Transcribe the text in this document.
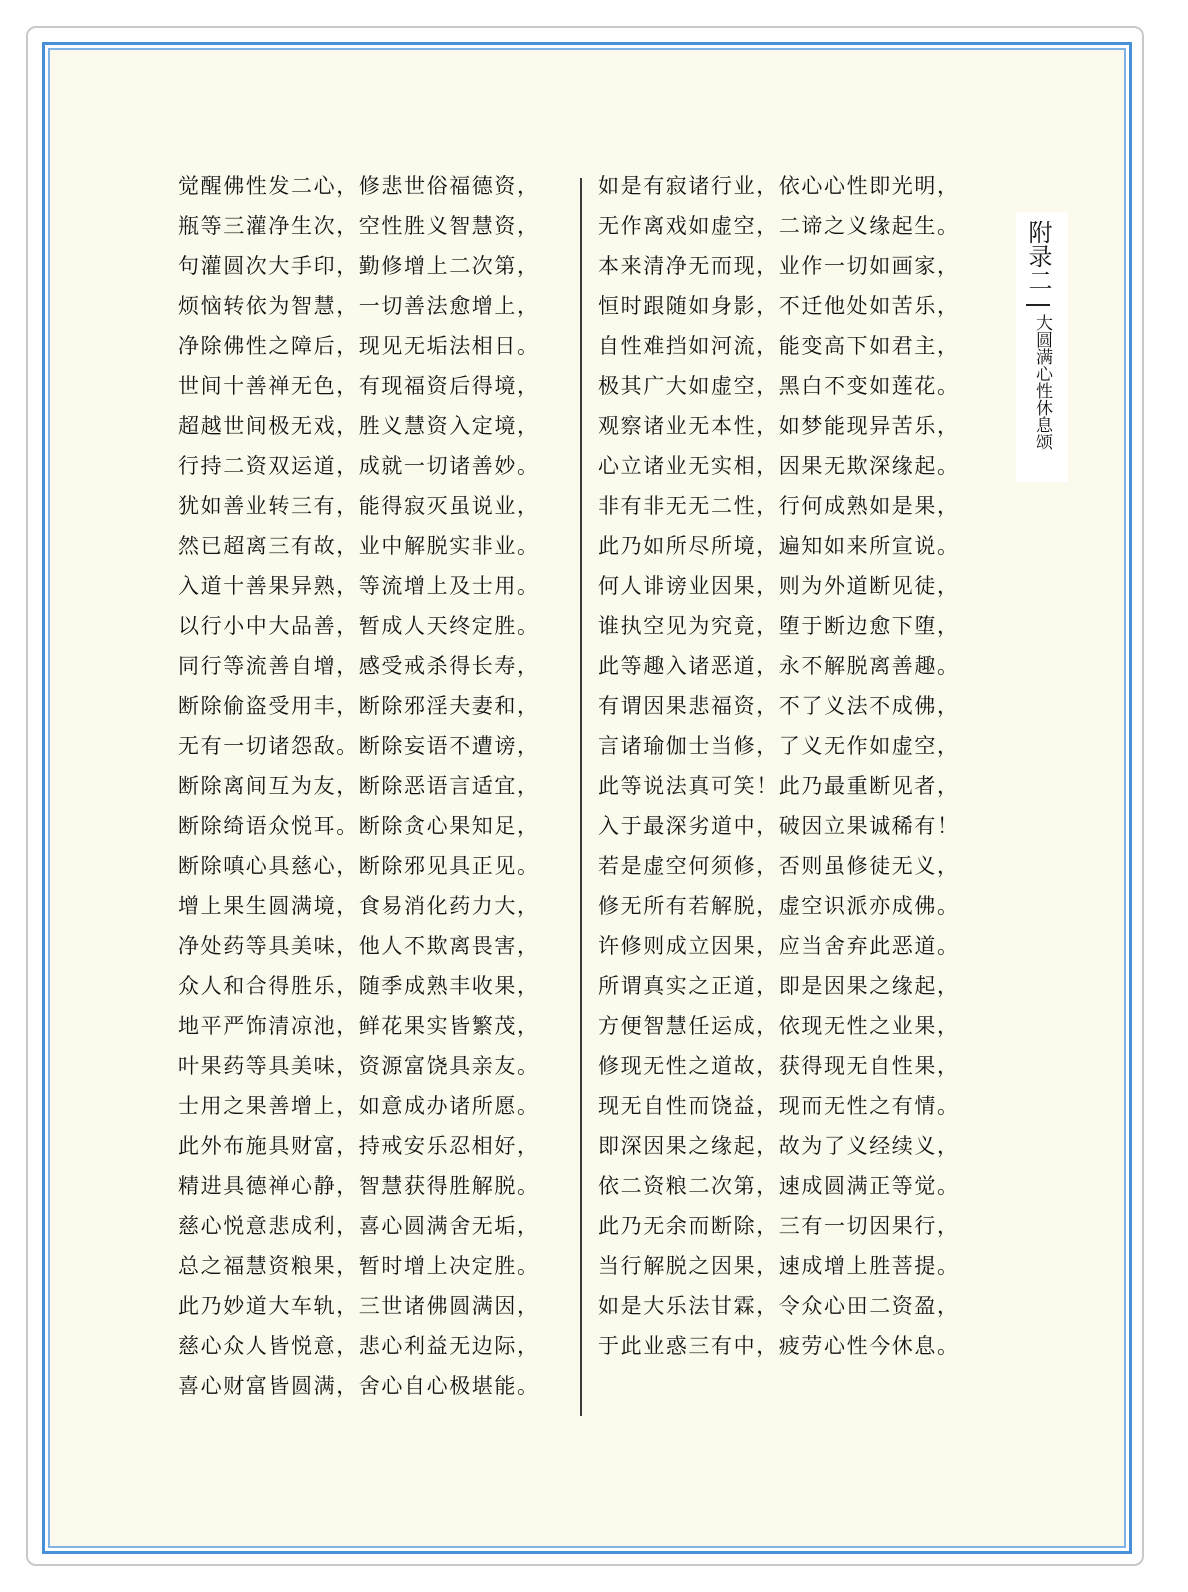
觉醒佛性发二心，修悲世俗福德资，
瓶等三灌净生次，空性胜义智慧资，
句灌圆次大手印，勤修增上二次第，
烦恼转依为智慧，一切善法愈增上，
净除佛性之障后，现见无垢法相日。
世间十善禅无色，有现福资后得境，
超越世间极无戏，胜义慧资入定境，
行持二资双运道，成就一切诸善妙。
犹如善业转三有，能得寂灭虽说业，
然已超离三有故，业中解脱实非业。
入道十善果异熟，等流增上及士用。
以行小中大品善，暂成人天终定胜。
同行等流善自增，感受戒杀得长寿，
断除偷盗受用丰，断除邪淫夫妻和，
无有一切诸怨敌。断除妄语不遭谤，
断除离间互为友，断除恶语言适宜，
断除绮语众悦耳。断除贪心果知足，
断除嗔心具慈心，断除邪见具正见。
增上果生圆满境，食易消化药力大，
净处药等具美味，他人不欺离畏害，
众人和合得胜乐，随季成熟丰收果，
地平严饰清凉池，鲜花果实皆繁茂，
叶果药等具美味，资源富饶具亲友。
士用之果善增上，如意成办诸所愿。
此外布施具财富，持戒安乐忍相好，
精进具德禅心静，智慧获得胜解脱。
慈心悦意悲成利，喜心圆满舍无垢，
总之福慧资粮果，暂时增上决定胜。
此乃妙道大车轨，三世诸佛圆满因，
慈心众人皆悦意，悲心利益无边际，
喜心财富皆圆满，舍心自心极堪能。
如是有寂诸行业，依心心性即光明，
无作离戏如虚空，二谛之义缘起生。
本来清净无而现，业作一切如画家，
恒时跟随如身影，不迁他处如苦乐，
自性难挡如河流，能变高下如君主，
极其广大如虚空，黑白不变如莲花。
观察诸业无本性，如梦能现异苦乐，
心立诸业无实相，因果无欺深缘起。
非有非无无二性，行何成熟如是果，
此乃如所尽所境，遍知如来所宣说。
何人诽谤业因果，则为外道断见徒，
谁执空见为究竟，堕于断边愈下堕，
此等趣入诸恶道，永不解脱离善趣。
有谓因果悲福资，不了义法不成佛，
言诸瑜伽士当修，了义无作如虚空，
此等说法真可笑！此乃最重断见者，
入于最深劣道中，破因立果诚稀有！
若是虚空何须修，否则虽修徒无义，
修无所有若解脱，虚空识派亦成佛。
许修则成立因果，应当舍弃此恶道。
所谓真实之正道，即是因果之缘起，
方便智慧任运成，依现无性之业果，
修现无性之道故，获得现无自性果，
现无自性而饶益，现而无性之有情。
即深因果之缘起，故为了义经续义，
依二资粮二次第，速成圆满正等觉。
此乃无余而断除，三有一切因果行，
当行解脱之因果，速成增上胜菩提。
如是大乐法甘霖，令众心田二资盈，
于此业惑三有中，疲劳心性今休息。
附录二
大圆满心性休息颂
